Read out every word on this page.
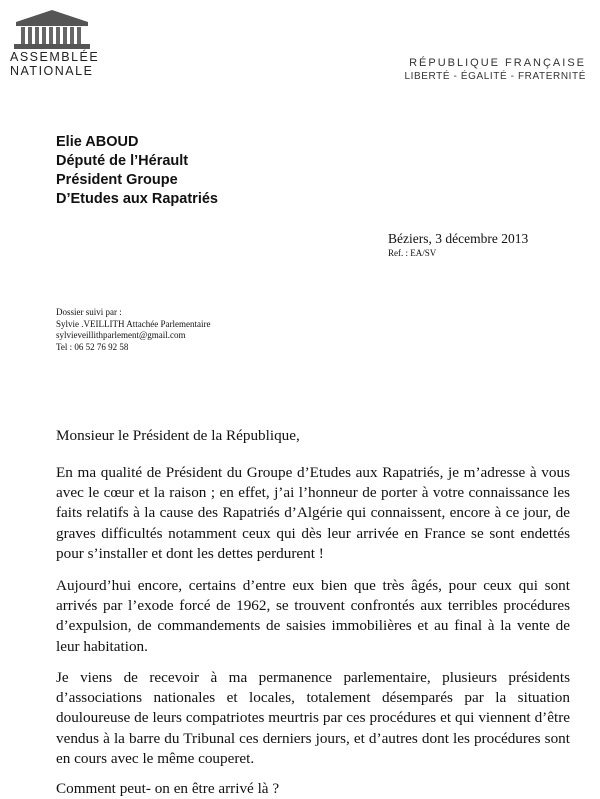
ASSEMBLÉE
NATIONALE
RÉPUBLIQUE FRANÇAISE
LIBERTÉ - ÉGALITÉ - FRATERNITÉ
Elie ABOUD
Député de l’Hérault
Président Groupe
D’Etudes aux Rapatriés
Béziers, 3 décembre 2013
Ref. : EA/SV
Dossier suivi par :
Sylvie .VEILLITH Attachée Parlementaire
sylvieveillithparlement@gmail.com
Tel : 06 52 76 92 58
Monsieur le Président de la République,
En ma qualité de Président du Groupe d’Etudes aux Rapatriés, je m’adresse à vous avec le cœur et la raison ; en effet, j’ai l’honneur de porter à votre connaissance les faits relatifs à la cause des Rapatriés d’Algérie qui connaissent, encore à ce jour, de graves difficultés notamment ceux qui dès leur arrivée en France se sont endettés pour s’installer et dont les dettes perdurent !
Aujourd’hui encore, certains d’entre eux bien que très âgés, pour ceux qui sont arrivés par l’exode forcé de 1962, se trouvent confrontés aux terribles procédures d’expulsion, de commandements de saisies immobilières et au final à la vente de leur habitation.
Je viens de recevoir à ma permanence parlementaire, plusieurs présidents d’associations nationales et locales, totalement désemparés par la situation douloureuse de leurs compatriotes meurtris par ces procédures et qui viennent d’être vendus à la barre du Tribunal ces derniers jours, et d’autres dont les procédures sont en cours avec le même couperet.
Comment peut- on en être arrivé là ?
